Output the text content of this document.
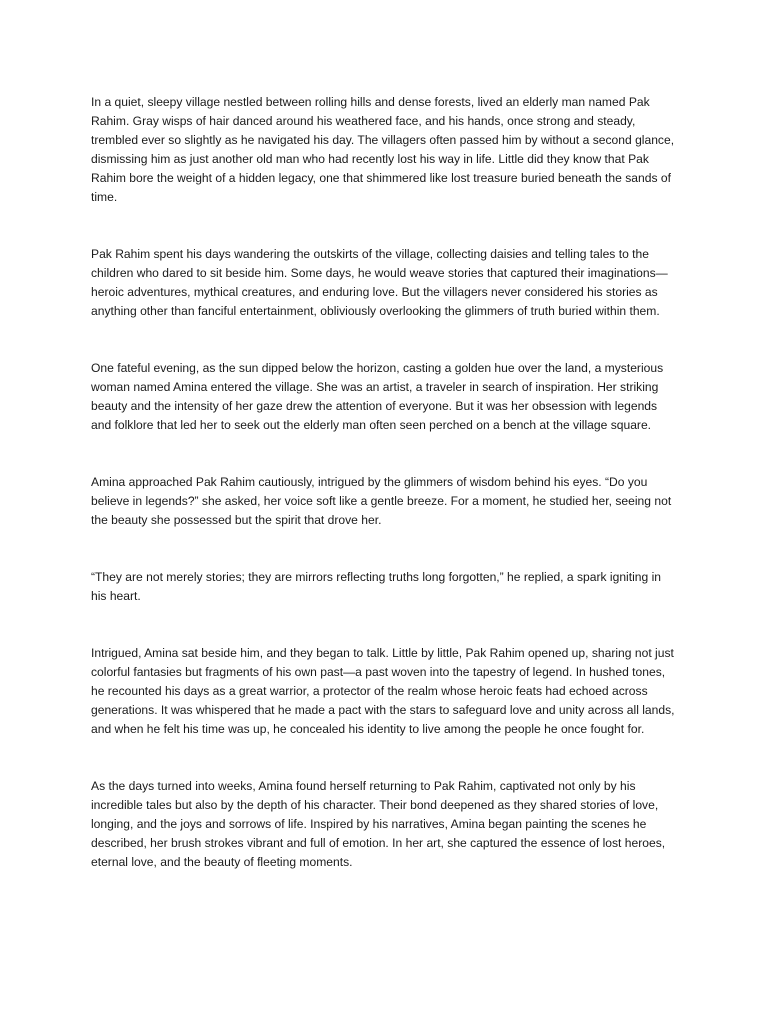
In a quiet, sleepy village nestled between rolling hills and dense forests, lived an elderly man named Pak Rahim. Gray wisps of hair danced around his weathered face, and his hands, once strong and steady, trembled ever so slightly as he navigated his day. The villagers often passed him by without a second glance, dismissing him as just another old man who had recently lost his way in life. Little did they know that Pak Rahim bore the weight of a hidden legacy, one that shimmered like lost treasure buried beneath the sands of time.

Pak Rahim spent his days wandering the outskirts of the village, collecting daisies and telling tales to the children who dared to sit beside him. Some days, he would weave stories that captured their imaginations—heroic adventures, mythical creatures, and enduring love. But the villagers never considered his stories as anything other than fanciful entertainment, obliviously overlooking the glimmers of truth buried within them.

One fateful evening, as the sun dipped below the horizon, casting a golden hue over the land, a mysterious woman named Amina entered the village. She was an artist, a traveler in search of inspiration. Her striking beauty and the intensity of her gaze drew the attention of everyone. But it was her obsession with legends and folklore that led her to seek out the elderly man often seen perched on a bench at the village square.

Amina approached Pak Rahim cautiously, intrigued by the glimmers of wisdom behind his eyes. “Do you believe in legends?” she asked, her voice soft like a gentle breeze. For a moment, he studied her, seeing not the beauty she possessed but the spirit that drove her.

“They are not merely stories; they are mirrors reflecting truths long forgotten,” he replied, a spark igniting in his heart.

Intrigued, Amina sat beside him, and they began to talk. Little by little, Pak Rahim opened up, sharing not just colorful fantasies but fragments of his own past—a past woven into the tapestry of legend. In hushed tones, he recounted his days as a great warrior, a protector of the realm whose heroic feats had echoed across generations. It was whispered that he made a pact with the stars to safeguard love and unity across all lands, and when he felt his time was up, he concealed his identity to live among the people he once fought for.

As the days turned into weeks, Amina found herself returning to Pak Rahim, captivated not only by his incredible tales but also by the depth of his character. Their bond deepened as they shared stories of love, longing, and the joys and sorrows of life. Inspired by his narratives, Amina began painting the scenes he described, her brush strokes vibrant and full of emotion. In her art, she captured the essence of lost heroes, eternal love, and the beauty of fleeting moments.
